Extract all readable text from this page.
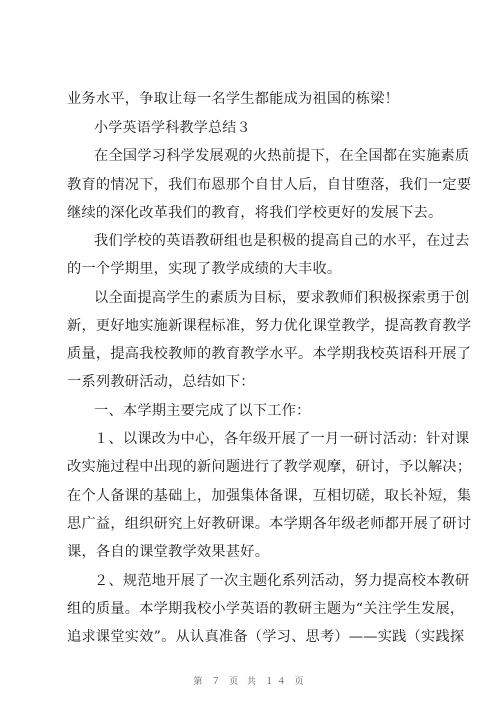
业务水平，争取让每一名学生都能成为祖国的栋梁！
小学英语学科教学总结３
在全国学习科学发展观的火热前提下，在全国都在实施素质
教育的情况下，我们布恩那个自甘人后，自甘堕落，我们一定要
继续的深化改革我们的教育，将我们学校更好的发展下去。
我们学校的英语教研组也是积极的提高自己的水平，在过去
的一个学期里，实现了教学成绩的大丰收。
以全面提高学生的素质为目标，要求教师们积极探索勇于创
新，更好地实施新课程标准，努力优化课堂教学，提高教育教学
质量，提高我校教师的教育教学水平。本学期我校英语科开展了
一系列教研活动，总结如下：
一、本学期主要完成了以下工作：
１、以课改为中心，各年级开展了一月一研讨活动：针对课
改实施过程中出现的新问题进行了教学观摩，研讨，予以解决；
在个人备课的基础上，加强集体备课，互相切磋，取长补短，集
思广益，组织研究上好教研课。本学期各年级老师都开展了研讨
课，各自的课堂教学效果甚好。
２、规范地开展了一次主题化系列活动，努力提高校本教研
组的质量。本学期我校小学英语的教研主题为“关注学生发展，
追求课堂实效”。从认真准备（学习、思考）——实践（实践探
第 ７ 页 共 １４ 页
